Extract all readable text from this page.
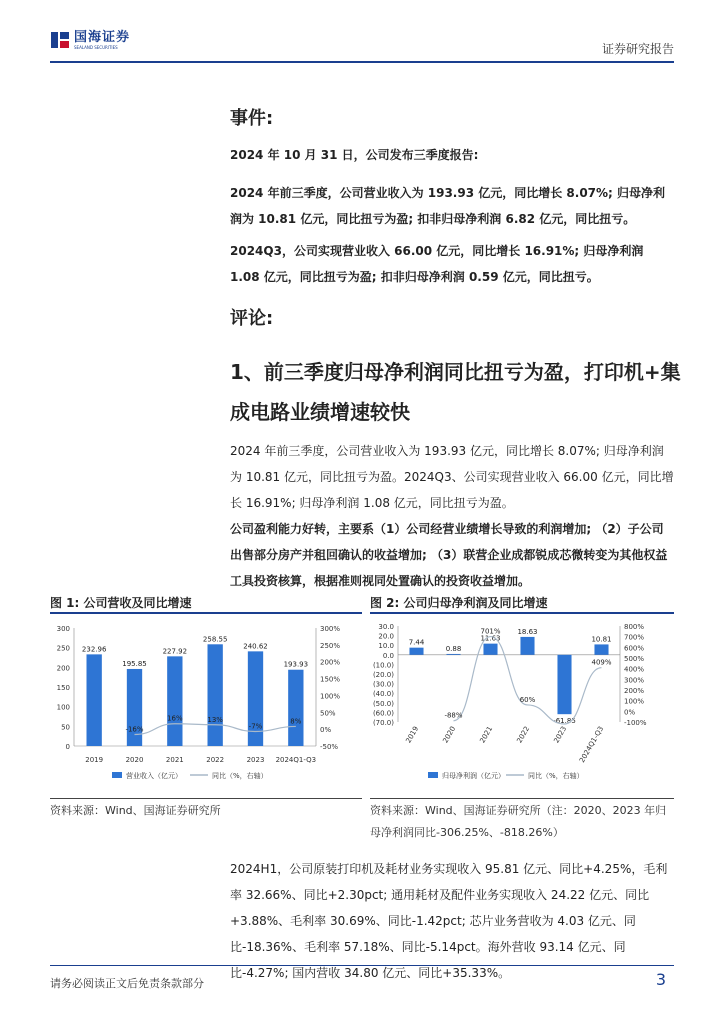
国海证券
SEALAND SECURITIES	证券研究报告
事件:
2024 年 10 月 31 日，公司发布三季度报告:
2024 年前三季度，公司营业收入为 193.93 亿元，同比增长 8.07%; 归母净利润为 10.81 亿元，同比扭亏为盈; 扣非归母净利润 6.82 亿元，同比扭亏。
2024Q3，公司实现营业收入 66.00 亿元，同比增长 16.91%; 归母净利润 1.08 亿元，同比扭亏为盈; 扣非归母净利润 0.59 亿元，同比扭亏。
评论:
1、前三季度归母净利润同比扭亏为盈，打印机+集成电路业绩增速较快
2024 年前三季度，公司营业收入为 193.93 亿元，同比增长 8.07%; 归母净利润为 10.81 亿元，同比扭亏为盈。2024Q3、公司实现营业收入 66.00 亿元，同比增长 16.91%; 归母净利润 1.08 亿元，同比扭亏为盈。
公司盈利能力好转，主要系（1）公司经营业绩增长导致的利润增加; （2）子公司出售部分房产并租回确认的收益增加; （3）联营企业成都锐成芯微转变为其他权益工具投资核算，根据准则视同处置确认的投资收益增加。
图 1: 公司营收及同比增速
0
50
100
150
200
250
300
-50%
0%
50%
100%
150%
200%
250%
300%
232.96
2019
195.85
2020
227.92
2021
258.55
2022
240.62
2023
193.93
2024Q1-Q3
-16%
16%	13%
-7%
8%
营业收入（亿元）	同比（%，右轴）
资料来源：Wind、国海证券研究所
图 2: 公司归母净利润及同比增速
(70.0)
(60.0)
(50.0)
(40.0)
(30.0)
(20.0)
(10.0)
0.0
10.0
20.0
30.0
-100%
0%
100%
200%
300%
400%
500%
600%
700%
800%
7.44
2019
0.88
2020
11.63
2021
18.63
2022
-61.85
2023
10.81
2024Q1-Q3
-88%
701%
60%
409%
归母净利润（亿元）	同比（%，右轴）
资料来源：Wind、国海证券研究所（注：2020、2023 年归母净利润同比-306.25%、-818.26%）
2024H1，公司原装打印机及耗材业务实现收入 95.81 亿元、同比+4.25%，毛利率 32.66%、同比+2.30pct; 通用耗材及配件业务实现收入 24.22 亿元、同比+3.88%、毛利率 30.69%、同比-1.42pct; 芯片业务营收为 4.03 亿元、同比-18.36%、毛利率 57.18%、同比-5.14pct。海外营收 93.14 亿元、同比-4.27%; 国内营收 34.80 亿元、同比+35.33%。
请务必阅读正文后免责条款部分	3
